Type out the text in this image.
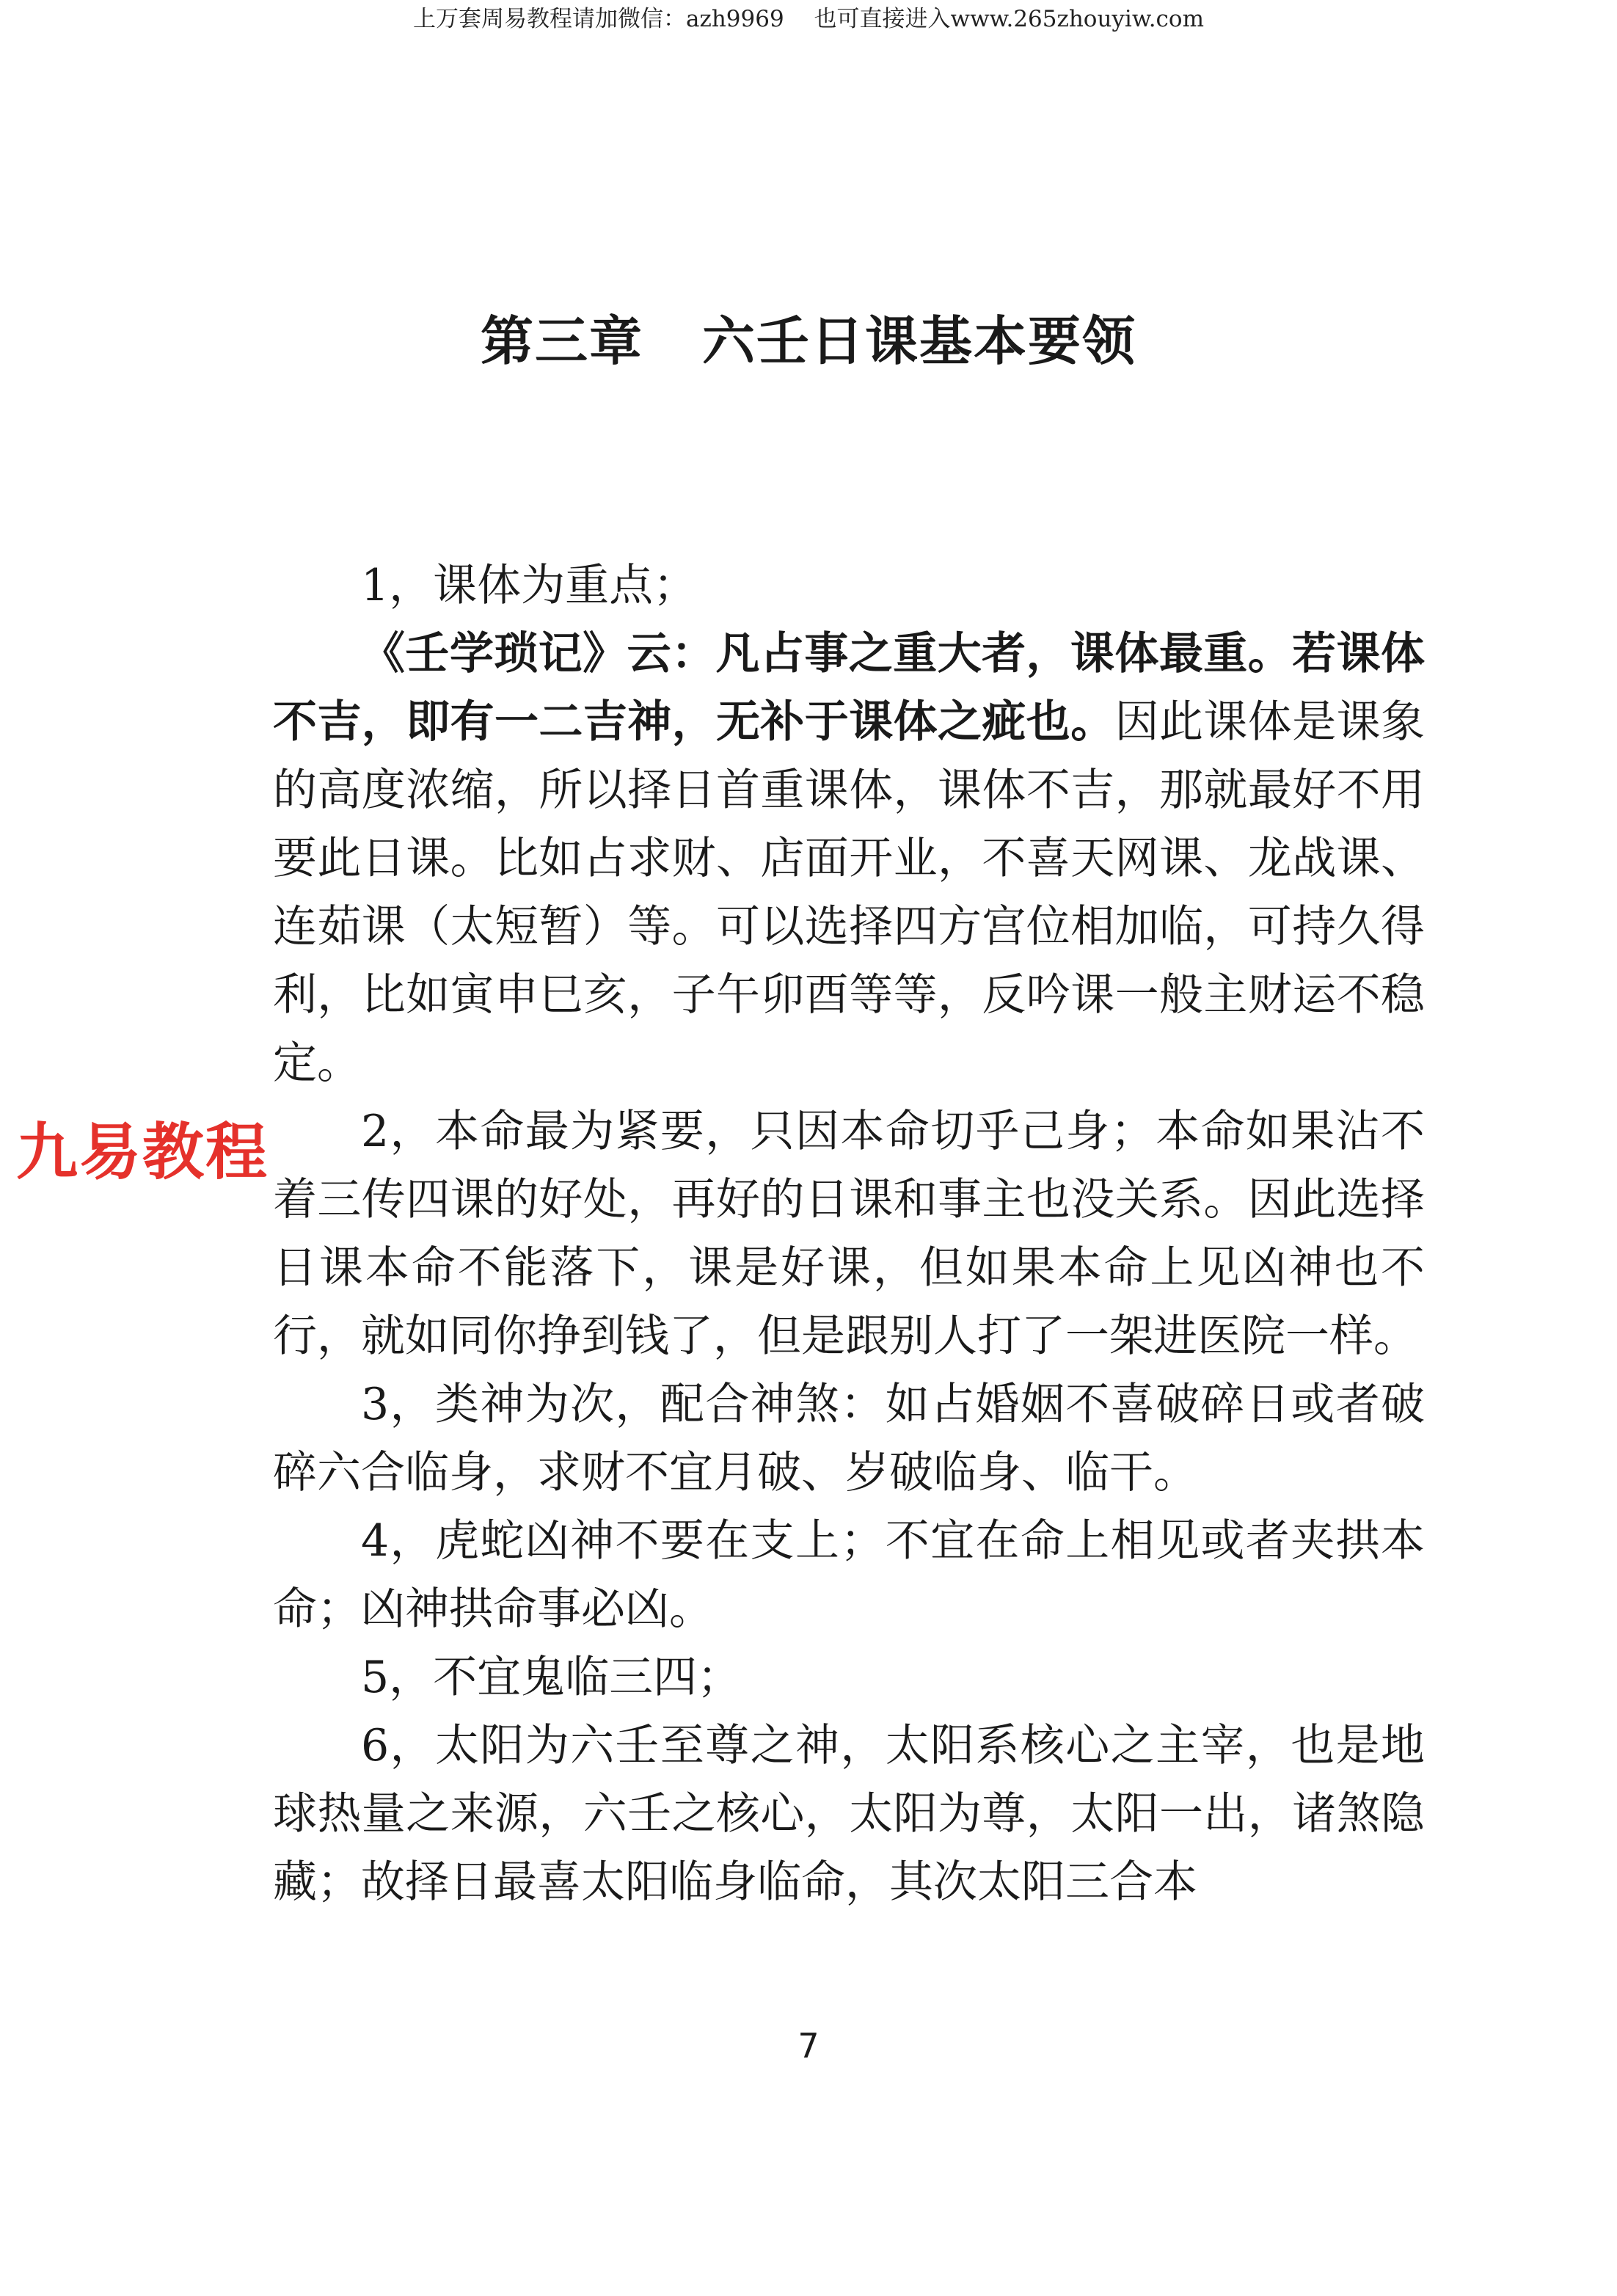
上万套周易教程请加微信：azh9969　 也可直接进入www.265zhouyiw.com
第三章 六壬日课基本要领

1，课体为重点；

《壬学琐记》云：凡占事之重大者，课体最重。若课体不吉，即有一二吉神，无补于课体之疵也。因此课体是课象的高度浓缩，所以择日首重课体，课体不吉，那就最好不用要此日课。比如占求财、店面开业，不喜天网课、龙战课、连茹课（太短暂）等。可以选择四方宫位相加临，可持久得利，比如寅申巳亥，子午卯酉等等，反吟课一般主财运不稳定。

2，本命最为紧要，只因本命切乎己身；本命如果沾不着三传四课的好处，再好的日课和事主也没关系。因此选择日课本命不能落下，课是好课，但如果本命上见凶神也不行，就如同你挣到钱了，但是跟别人打了一架进医院一样。

3，类神为次，配合神煞：如占婚姻不喜破碎日或者破碎六合临身，求财不宜月破、岁破临身、临干。

4，虎蛇凶神不要在支上；不宜在命上相见或者夹拱本命；凶神拱命事必凶。

5，不宜鬼临三四；

6，太阳为六壬至尊之神，太阳系核心之主宰，也是地球热量之来源，六壬之核心，太阳为尊，太阳一出，诸煞隐藏；故择日最喜太阳临身临命，其次太阳三合本

九易教程
7
